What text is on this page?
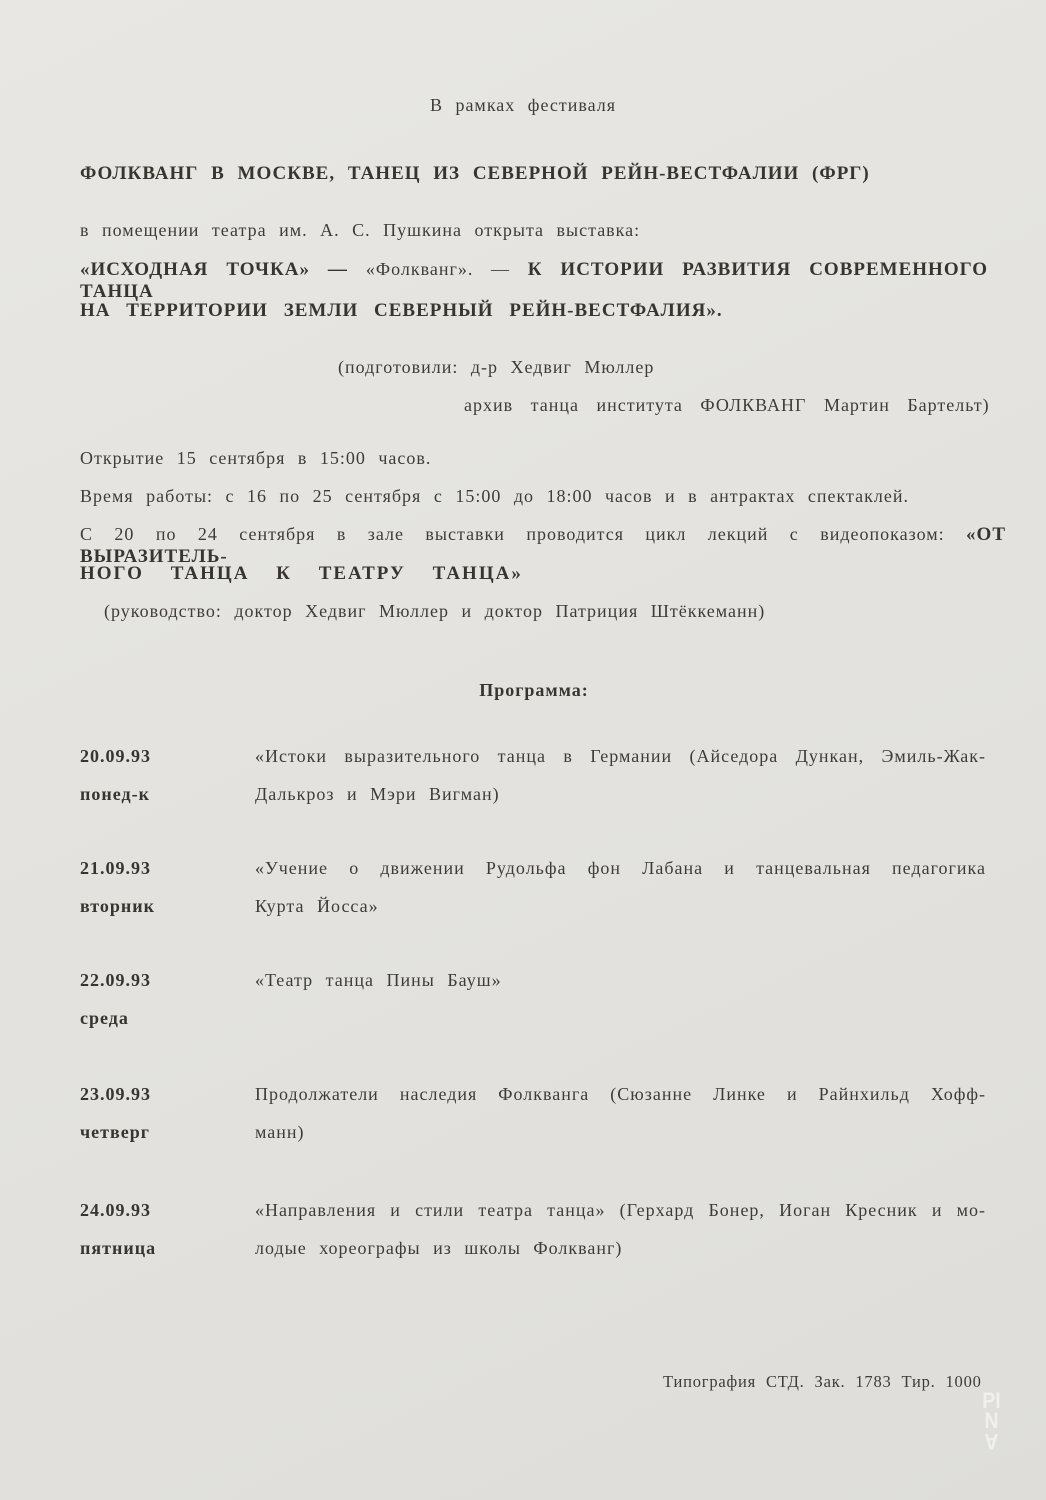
В рамках фестиваля
ФОЛКВАНГ В МОСКВЕ, ТАНЕЦ ИЗ СЕВЕРНОЙ РЕЙН-ВЕСТФАЛИИ (ФРГ)
в помещении театра им. А. С. Пушкина открыта выставка:
«ИСХОДНАЯ ТОЧКА» — «Фолкванг». — К ИСТОРИИ РАЗВИТИЯ СОВРЕМЕННОГО ТАНЦА
НА ТЕРРИТОРИИ ЗЕМЛИ СЕВЕРНЫЙ РЕЙН-ВЕСТФАЛИЯ».
(подготовили: д-р Хедвиг Мюллер
архив танца института ФОЛКВАНГ Мартин Бартельт)
Открытие 15 сентября в 15:00 часов.
Время работы: с 16 по 25 сентября с 15:00 до 18:00 часов и в антрактах спектаклей.
С 20 по 24 сентября в зале выставки проводится цикл лекций с видеопоказом: «ОТ ВЫРАЗИТЕЛЬ-
НОГО ТАНЦА К ТЕАТРУ ТАНЦА»
(руководство: доктор Хедвиг Мюллер и доктор Патриция Штёккеманн)
Программа:
20.09.93
понед-к
«Истоки выразительного танца в Германии (Айседора Дункан, Эмиль-Жак-
Далькроз и Мэри Вигман)
21.09.93
вторник
«Учение о движении Рудольфа фон Лабана и танцевальная педагогика
Курта Йосса»
22.09.93
среда
«Театр танца Пины Бауш»
23.09.93
четверг
Продолжатели наследия Фолкванга (Сюзанне Линке и Райнхильд Хофф-
манн)
24.09.93
пятница
«Направления и стили театра танца» (Герхард Бонер, Иоган Кресник и мо-
лодые хореографы из школы Фолкванг)
Типография СТД. Зак. 1783 Тир. 1000
PI
N
A
